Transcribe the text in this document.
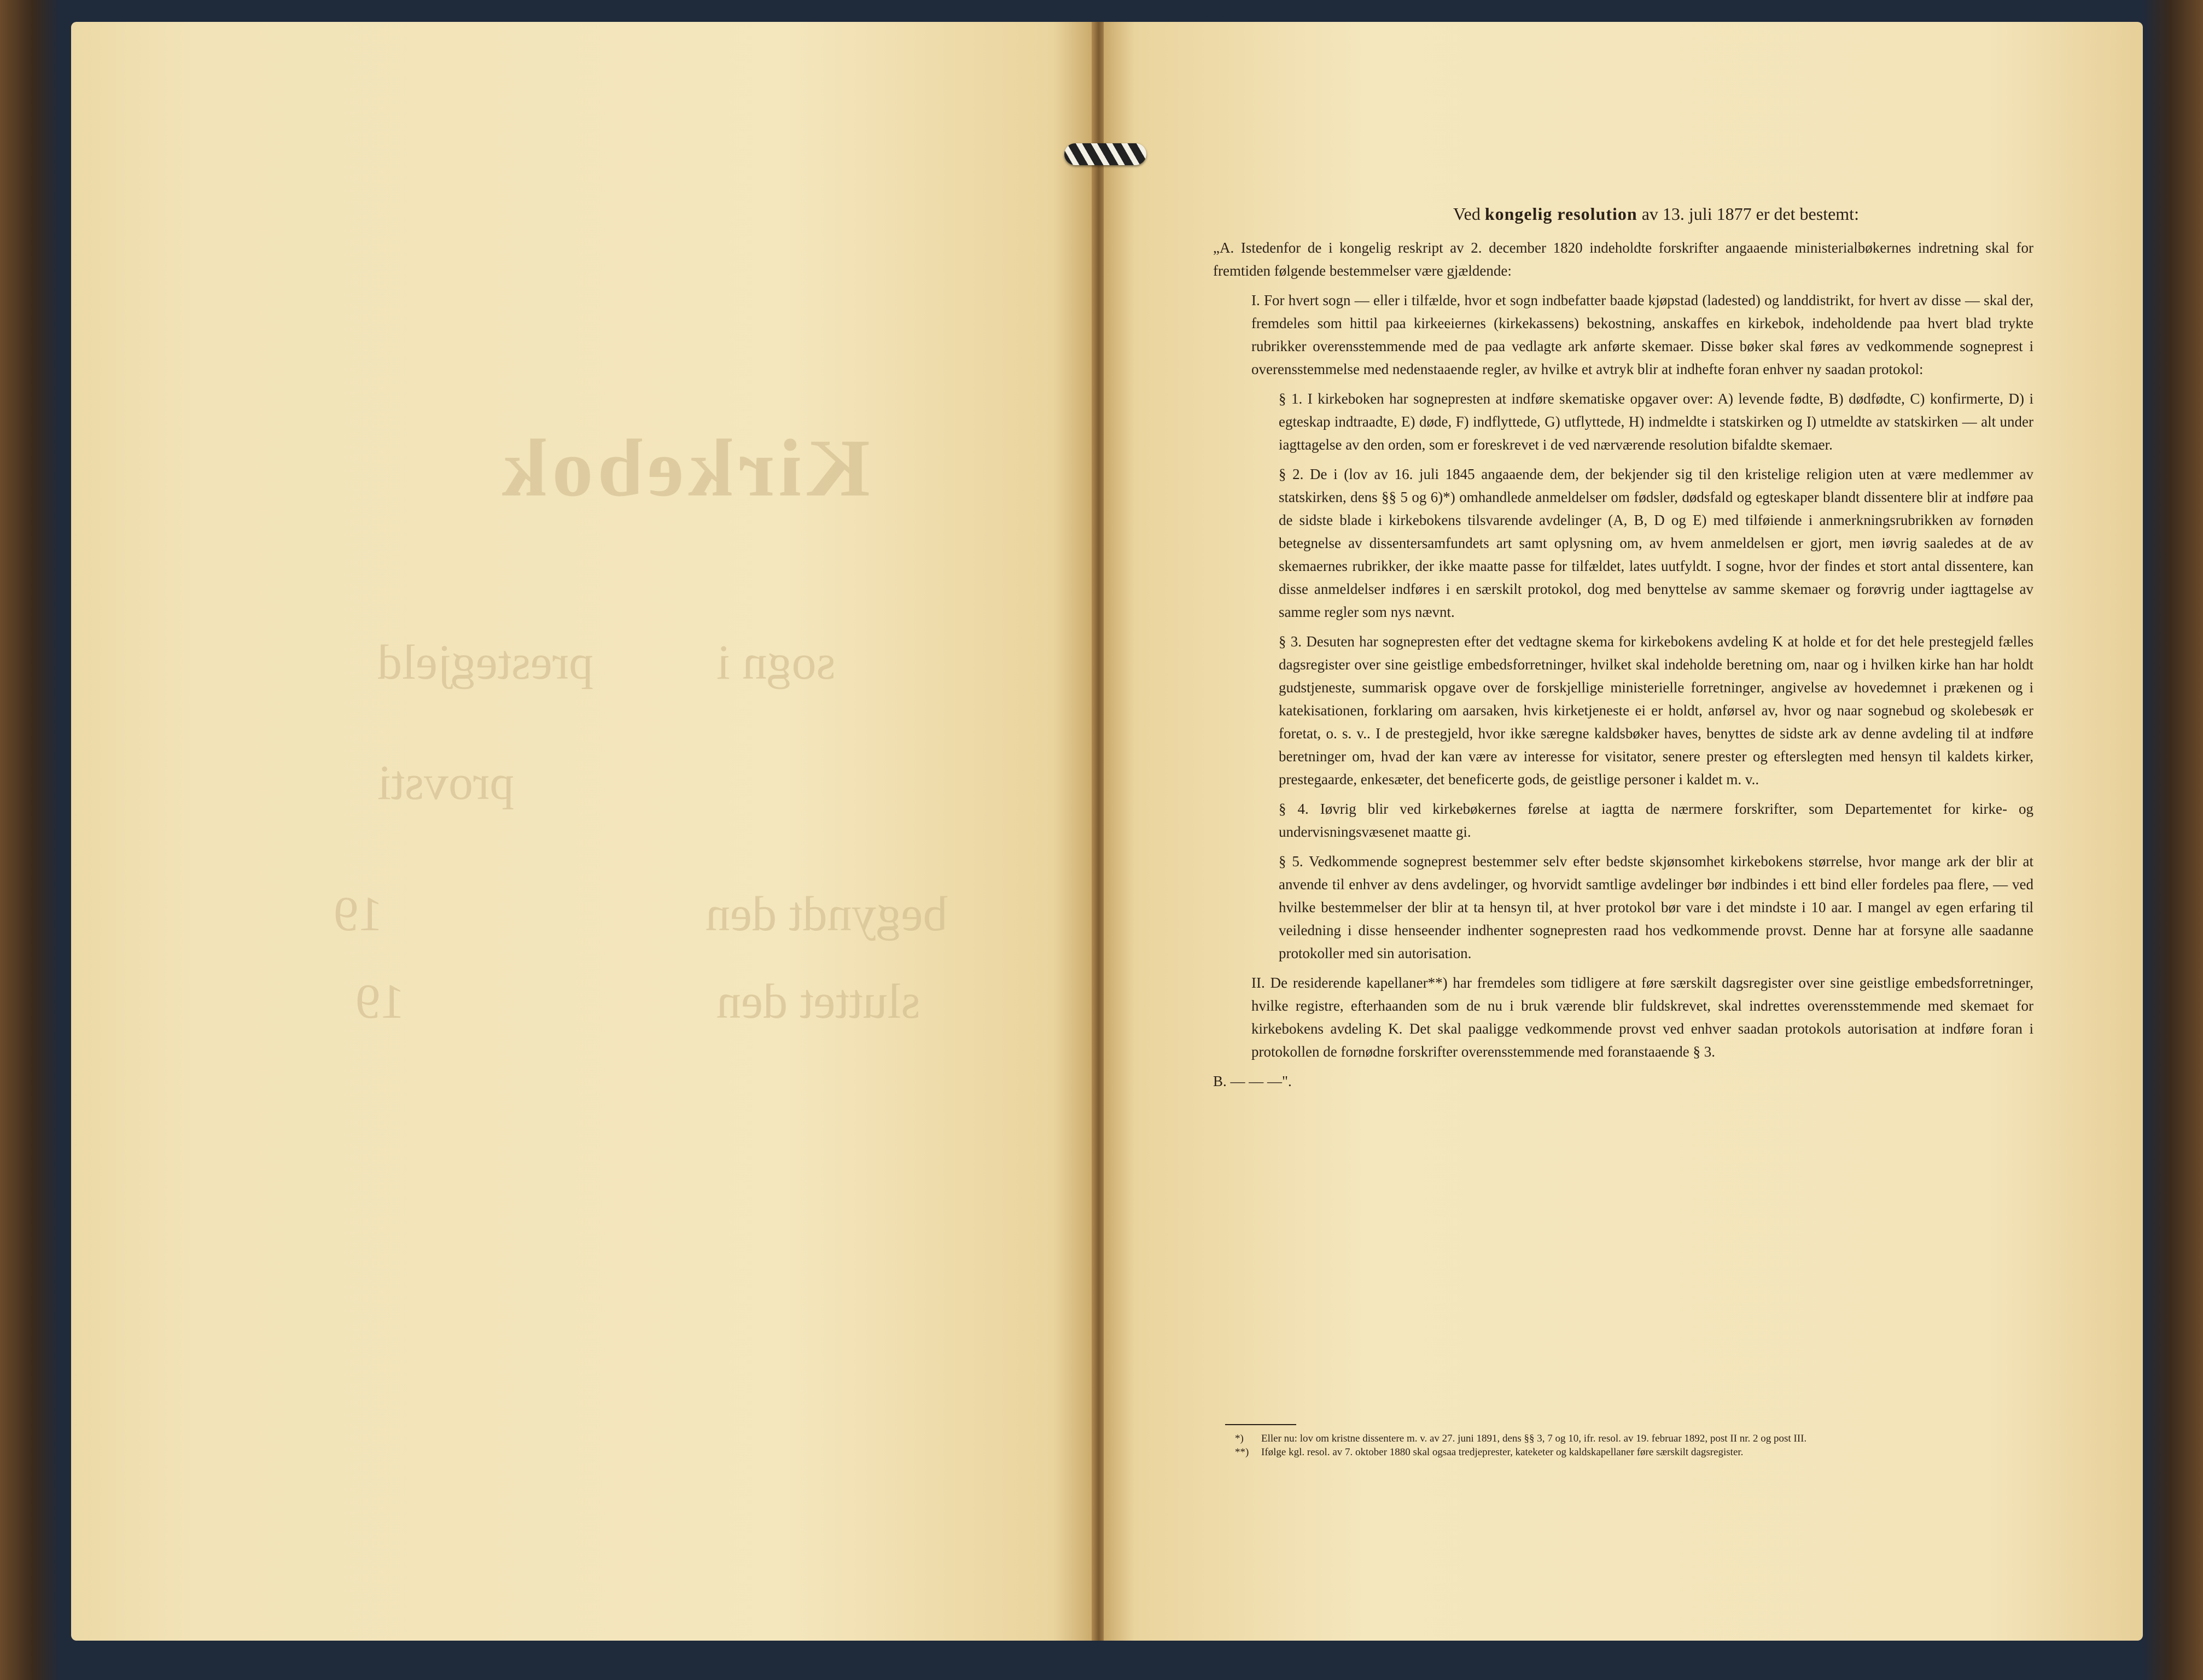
Kirkebok
prestegjeld	sogn i
provsti
begyndt den
19
sluttet den
19
Ved kongelig resolution av 13. juli 1877 er det bestemt:
„A. Istedenfor de i kongelig reskript av 2. december 1820 indeholdte forskrifter angaaende ministerialbøkernes indretning skal for fremtiden følgende bestemmelser være gjældende:
I. For hvert sogn — eller i tilfælde, hvor et sogn indbefatter baade kjøpstad (ladested) og landdistrikt, for hvert av disse — skal der, fremdeles som hittil paa kirkeeiernes (kirkekassens) bekostning, anskaffes en kirkebok, indeholdende paa hvert blad trykte rubrikker overensstemmende med de paa vedlagte ark anførte skemaer. Disse bøker skal føres av vedkommende sogneprest i overensstemmelse med nedenstaaende regler, av hvilke et avtryk blir at indhefte foran enhver ny saadan protokol:
§ 1. I kirkeboken har sognepresten at indføre skematiske opgaver over: A) levende fødte, B) dødfødte, C) konfirmerte, D) i egteskap indtraadte, E) døde, F) indflyttede, G) utflyttede, H) indmeldte i statskirken og I) utmeldte av statskirken — alt under iagttagelse av den orden, som er foreskrevet i de ved nærværende resolution bifaldte skemaer.
§ 2. De i (lov av 16. juli 1845 angaaende dem, der bekjender sig til den kristelige religion uten at være medlemmer av statskirken, dens §§ 5 og 6)*) omhandlede anmeldelser om fødsler, dødsfald og egteskaper blandt dissentere blir at indføre paa de sidste blade i kirkebokens tilsvarende avdelinger (A, B, D og E) med tilføiende i anmerkningsrubrikken av fornøden betegnelse av dissentersamfundets art samt oplysning om, av hvem anmeldelsen er gjort, men iøvrig saaledes at de av skemaernes rubrikker, der ikke maatte passe for tilfældet, lates uutfyldt. I sogne, hvor der findes et stort antal dissentere, kan disse anmeldelser indføres i en særskilt protokol, dog med benyttelse av samme skemaer og forøvrig under iagttagelse av samme regler som nys nævnt.
§ 3. Desuten har sognepresten efter det vedtagne skema for kirkebokens avdeling K at holde et for det hele prestegjeld fælles dagsregister over sine geistlige embedsforretninger, hvilket skal indeholde beretning om, naar og i hvilken kirke han har holdt gudstjeneste, summarisk opgave over de forskjellige ministerielle forretninger, angivelse av hovedemnet i prækenen og i katekisationen, forklaring om aarsaken, hvis kirketjeneste ei er holdt, anførsel av, hvor og naar sognebud og skolebesøk er foretat, o. s. v.. I de prestegjeld, hvor ikke særegne kaldsbøker haves, benyttes de sidste ark av denne avdeling til at indføre beretninger om, hvad der kan være av interesse for visitator, senere prester og efterslegten med hensyn til kaldets kirker, prestegaarde, enkesæter, det beneficerte gods, de geistlige personer i kaldet m. v..
§ 4. Iøvrig blir ved kirkebøkernes førelse at iagtta de nærmere forskrifter, som Departementet for kirke- og undervisningsvæsenet maatte gi.
§ 5. Vedkommende sogneprest bestemmer selv efter bedste skjønsomhet kirkebokens størrelse, hvor mange ark der blir at anvende til enhver av dens avdelinger, og hvorvidt samtlige avdelinger bør indbindes i ett bind eller fordeles paa flere, — ved hvilke bestemmelser der blir at ta hensyn til, at hver protokol bør vare i det mindste i 10 aar. I mangel av egen erfaring til veiledning i disse henseender indhenter sognepresten raad hos vedkommende provst. Denne har at forsyne alle saadanne protokoller med sin autorisation.
II. De residerende kapellaner**) har fremdeles som tidligere at føre særskilt dagsregister over sine geistlige embedsforretninger, hvilke registre, efterhaanden som de nu i bruk værende blir fuldskrevet, skal indrettes overensstemmende med skemaet for kirkebokens avdeling K. Det skal paaligge vedkommende provst ved enhver saadan protokols autorisation at indføre foran i protokollen de fornødne forskrifter overensstemmende med foranstaaende § 3.
B. — — —".
*) Eller nu: lov om kristne dissentere m. v. av 27. juni 1891, dens §§ 3, 7 og 10, ifr. resol. av 19. februar 1892, post II nr. 2 og post III.
**) Ifølge kgl. resol. av 7. oktober 1880 skal ogsaa tredjeprester, kateketer og kaldskapellaner føre særskilt dagsregister.
